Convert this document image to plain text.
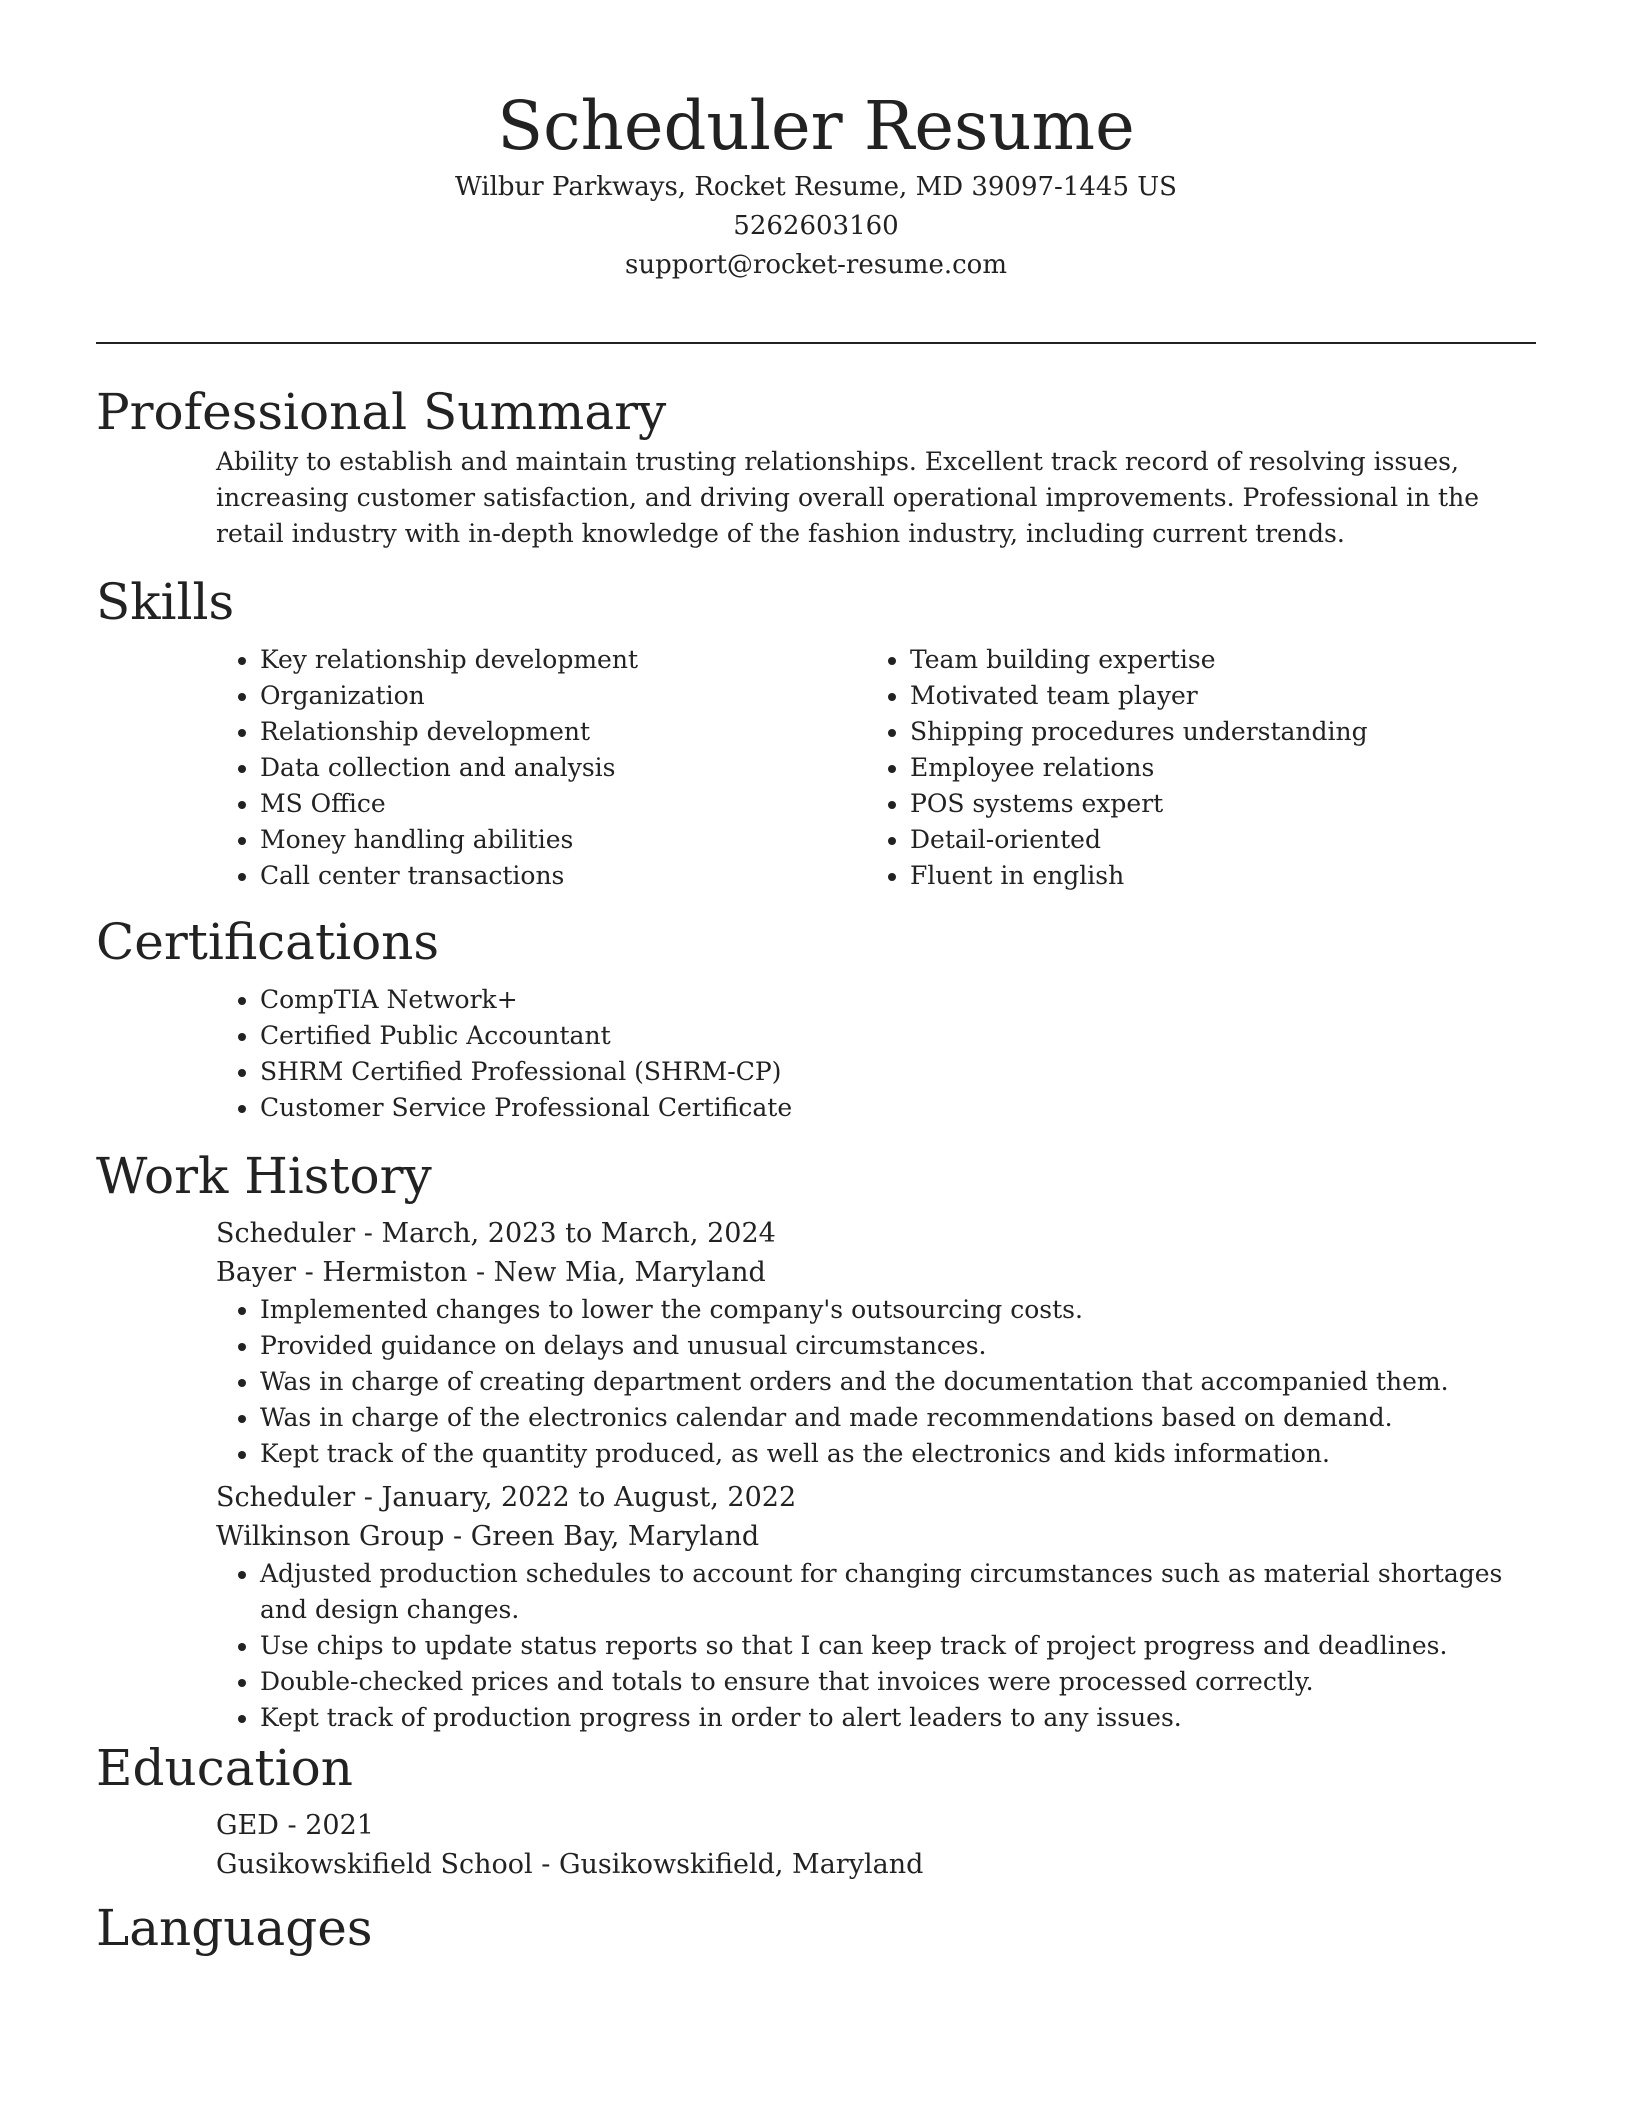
Scheduler Resume
Wilbur Parkways, Rocket Resume, MD 39097-1445 US
5262603160
support@rocket-resume.com
Professional Summary
Ability to establish and maintain trusting relationships. Excellent track record of resolving issues, increasing customer satisfaction, and driving overall operational improvements. Professional in the retail industry with in-depth knowledge of the fashion industry, including current trends.
Skills
• Key relationship development
• Organization
• Relationship development
• Data collection and analysis
• MS Office
• Money handling abilities
• Call center transactions
• Team building expertise
• Motivated team player
• Shipping procedures understanding
• Employee relations
• POS systems expert
• Detail-oriented
• Fluent in english
Certifications
• CompTIA Network+
• Certified Public Accountant
• SHRM Certified Professional (SHRM-CP)
• Customer Service Professional Certificate
Work History
Scheduler - March, 2023 to March, 2024
Bayer - Hermiston - New Mia, Maryland
• Implemented changes to lower the company's outsourcing costs.
• Provided guidance on delays and unusual circumstances.
• Was in charge of creating department orders and the documentation that accompanied them.
• Was in charge of the electronics calendar and made recommendations based on demand.
• Kept track of the quantity produced, as well as the electronics and kids information.
Scheduler - January, 2022 to August, 2022
Wilkinson Group - Green Bay, Maryland
• Adjusted production schedules to account for changing circumstances such as material shortages and design changes.
• Use chips to update status reports so that I can keep track of project progress and deadlines.
• Double-checked prices and totals to ensure that invoices were processed correctly.
• Kept track of production progress in order to alert leaders to any issues.
Education
GED - 2021
Gusikowskifield School - Gusikowskifield, Maryland
Languages
